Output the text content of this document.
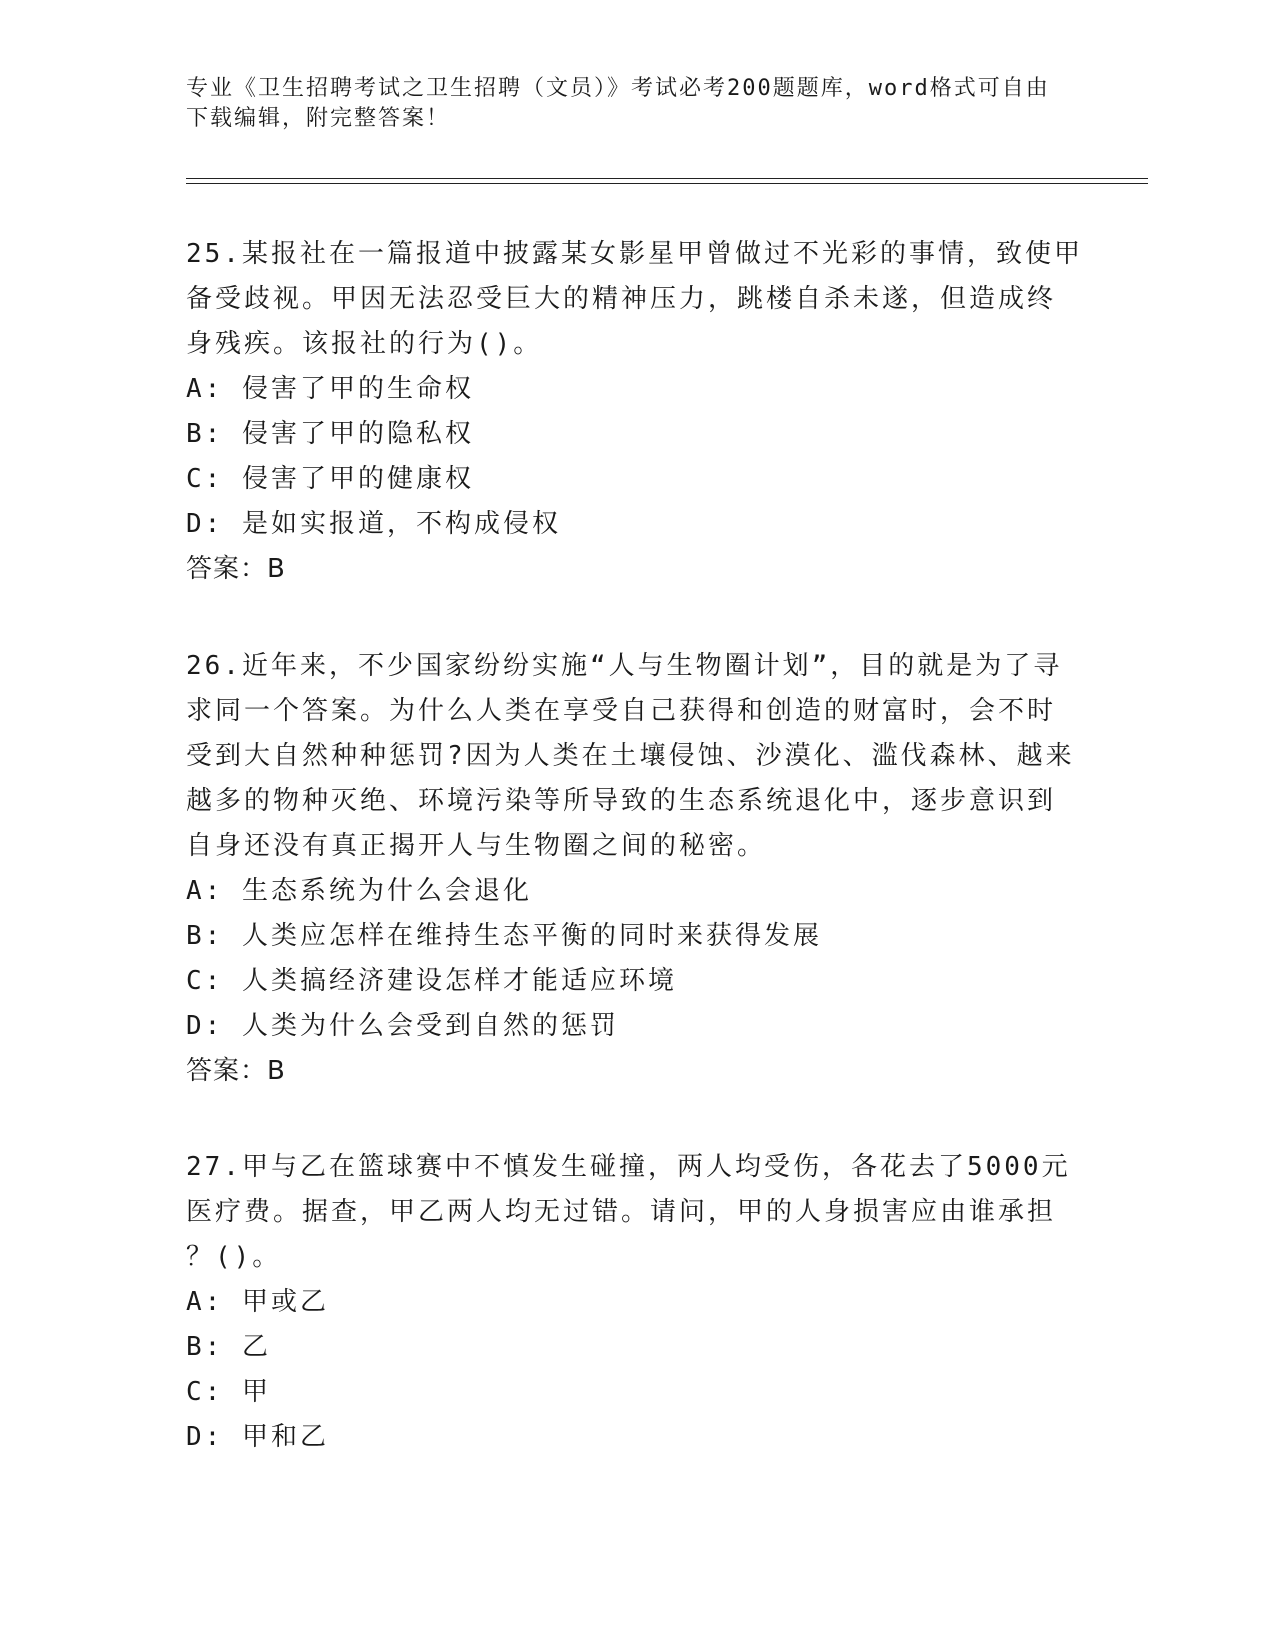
专业《卫生招聘考试之卫生招聘（文员）》考试必考200题题库，word格式可自由下载编辑，附完整答案！

25.某报社在一篇报道中披露某女影星甲曾做过不光彩的事情，致使甲

备受歧视。甲因无法忍受巨大的精神压力，跳楼自杀未遂，但造成终

身残疾。该报社的行为()。

A: 侵害了甲的生命权

B: 侵害了甲的隐私权

C: 侵害了甲的健康权

D: 是如实报道，不构成侵权

答案：B

26.近年来，不少国家纷纷实施“人与生物圈计划”，目的就是为了寻

求同一个答案。为什么人类在享受自己获得和创造的财富时，会不时

受到大自然种种惩罚?因为人类在土壤侵蚀、沙漠化、滥伐森林、越来

越多的物种灭绝、环境污染等所导致的生态系统退化中，逐步意识到

自身还没有真正揭开人与生物圈之间的秘密。

A: 生态系统为什么会退化

B: 人类应怎样在维持生态平衡的同时来获得发展

C: 人类搞经济建设怎样才能适应环境

D: 人类为什么会受到自然的惩罚

答案：B

27.甲与乙在篮球赛中不慎发生碰撞，两人均受伤，各花去了5000元

医疗费。据查，甲乙两人均无过错。请问，甲的人身损害应由谁承担

？()。

A: 甲或乙

B: 乙

C: 甲

D: 甲和乙
